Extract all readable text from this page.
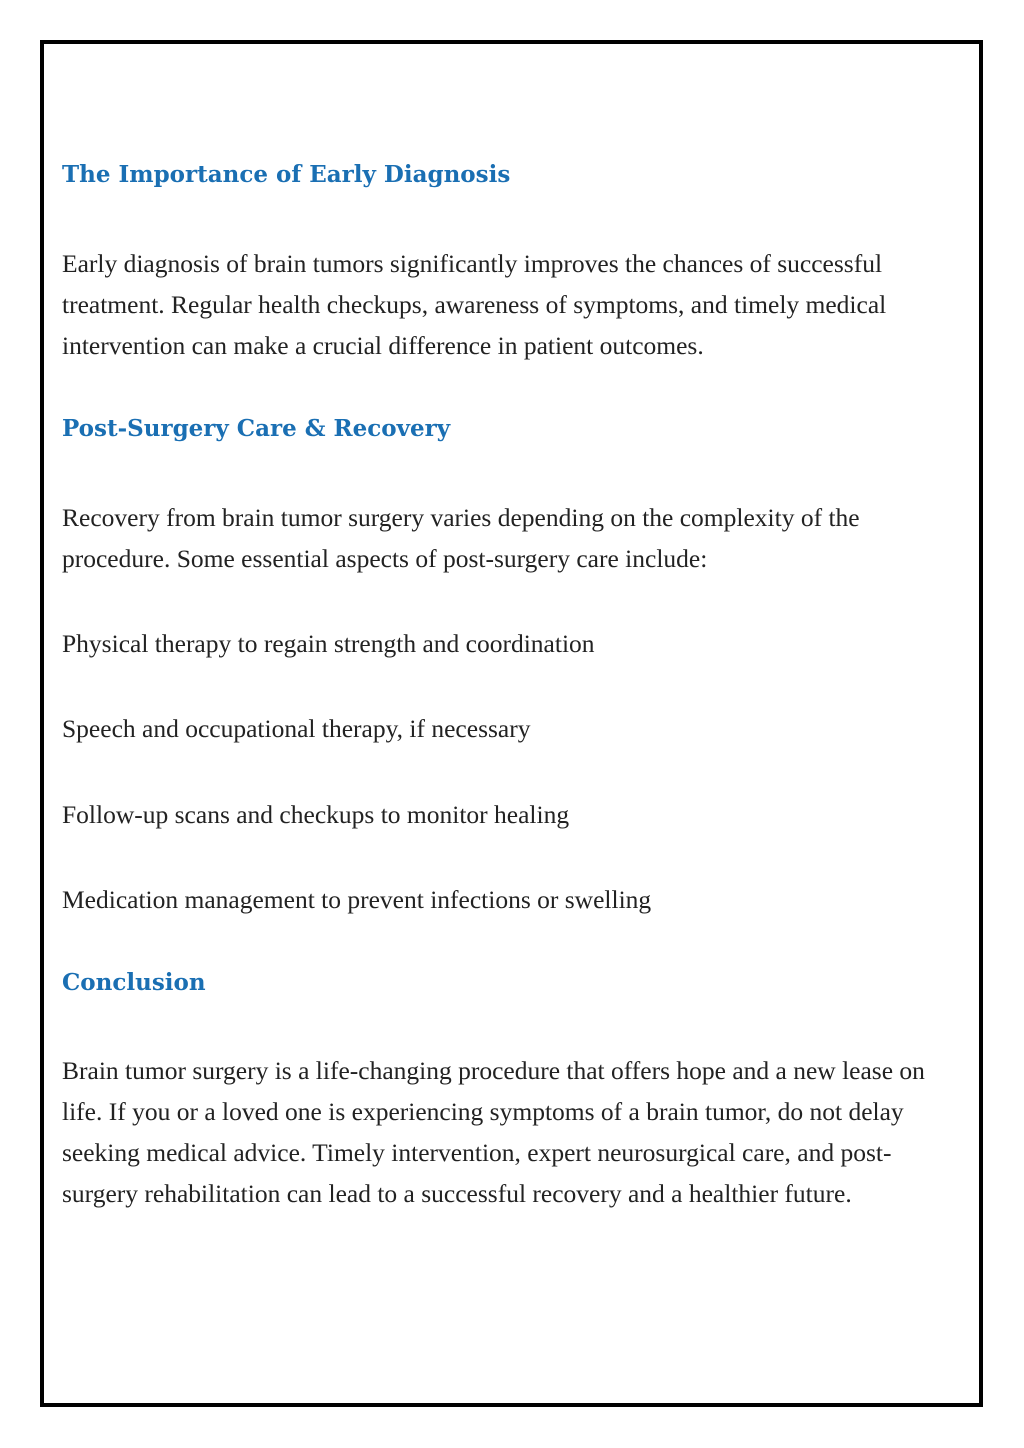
The Importance of Early Diagnosis

Early diagnosis of brain tumors significantly improves the chances of successful treatment. Regular health checkups, awareness of symptoms, and timely medical intervention can make a crucial difference in patient outcomes.

Post-Surgery Care & Recovery

Recovery from brain tumor surgery varies depending on the complexity of the procedure. Some essential aspects of post-surgery care include:

Physical therapy to regain strength and coordination

Speech and occupational therapy, if necessary

Follow-up scans and checkups to monitor healing

Medication management to prevent infections or swelling

Conclusion

Brain tumor surgery is a life-changing procedure that offers hope and a new lease on life. If you or a loved one is experiencing symptoms of a brain tumor, do not delay seeking medical advice. Timely intervention, expert neurosurgical care, and post-surgery rehabilitation can lead to a successful recovery and a healthier future.
